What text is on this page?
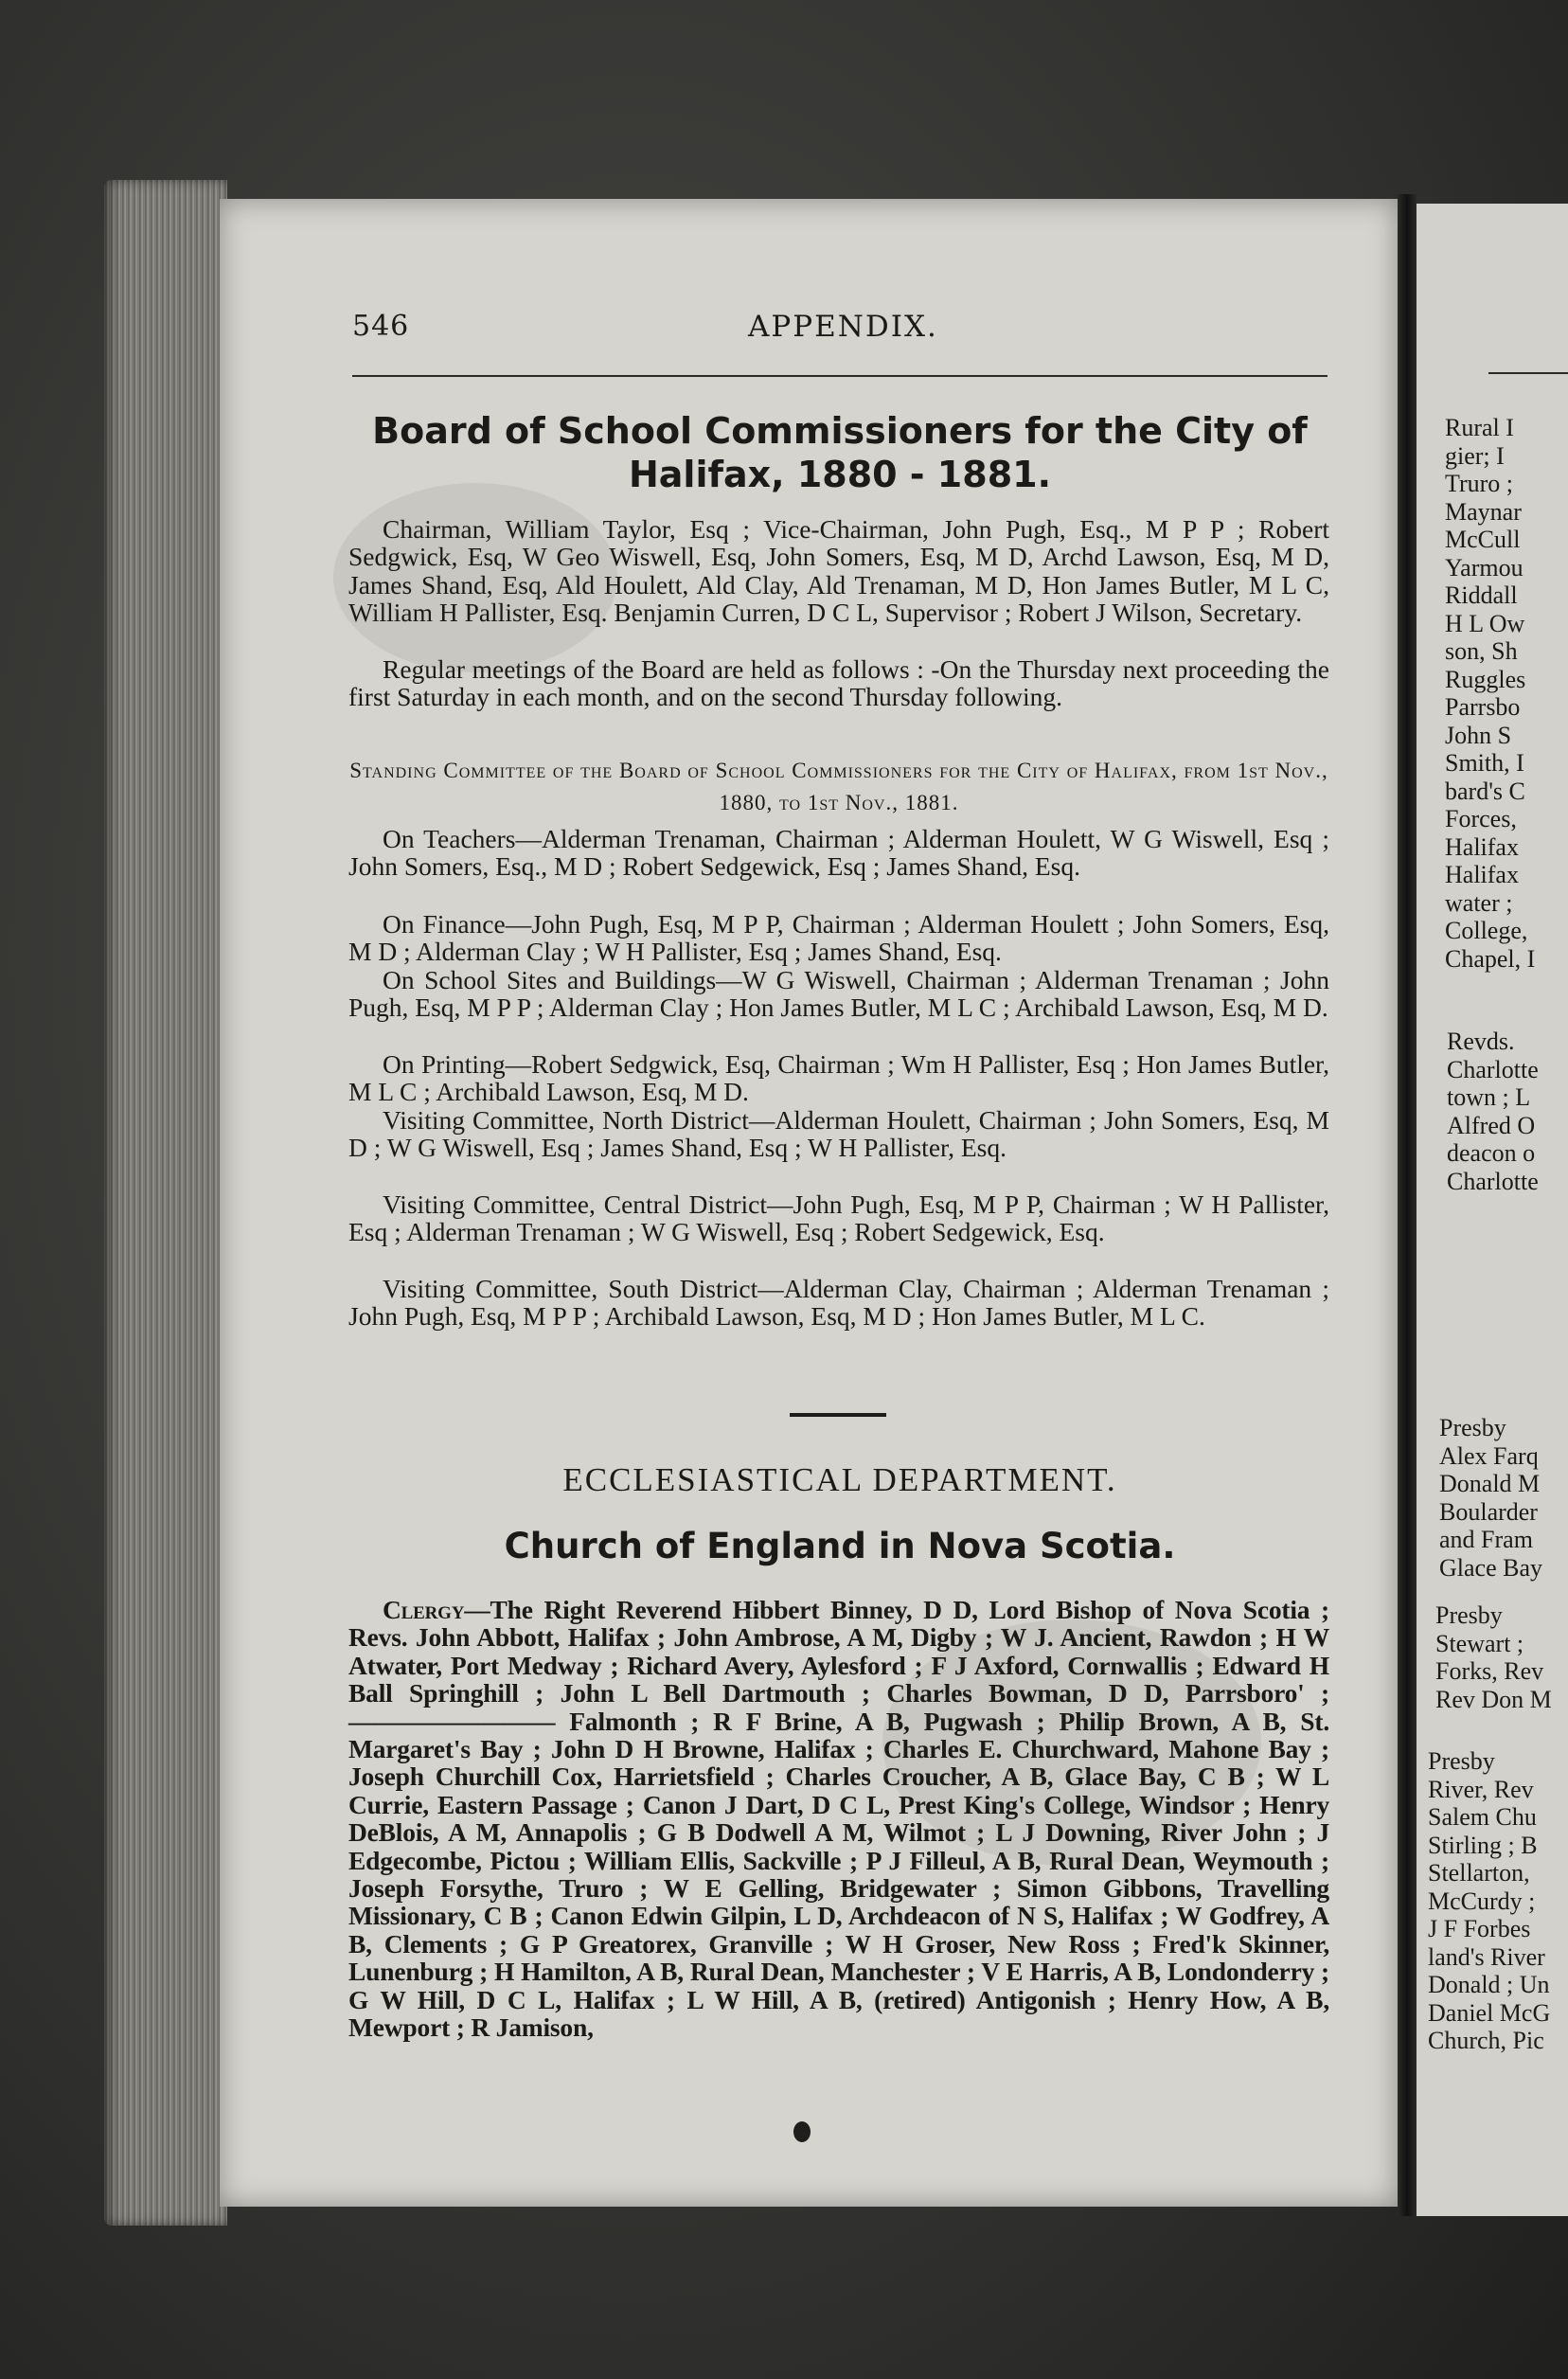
Rural I
gier; I
Truro ;
Maynar
McCull
Yarmou
Riddall
H L Ow
son, Sh
Ruggles
Parrsbo
John S
Smith, I
bard's C
Forces,
Halifax
Halifax
water ;
College,
Chapel, I
Revds.
Charlotte
town ; L
Alfred O
deacon o
Charlotte
Presby
Alex Farq
Donald M
Boularder
and Fram
Glace Bay
Presby
Stewart ;
Forks, Rev
Rev Don M
Presby
River, Rev
Salem Chu
Stirling ; B
Stellarton,
McCurdy ;
J F Forbes
land's River
Donald ; Un
Daniel McG
Church, Pic
546	APPENDIX.
Board of School Commissioners for the City of
Halifax, 1880 - 1881.

Chairman, William Taylor, Esq ; Vice-Chairman, John Pugh, Esq., M P P ; Robert Sedgwick, Esq, W Geo Wiswell, Esq, John Somers, Esq, M D, Archd Lawson, Esq, M D, James Shand, Esq, Ald Houlett, Ald Clay, Ald Trenaman, M D, Hon James Butler, M L C, William H Pallister, Esq. Benjamin Curren, D C L, Supervisor ; Robert J Wilson, Secretary.

Regular meetings of the Board are held as follows : -On the Thursday next proceeding the first Saturday in each month, and on the second Thursday following.

Standing Committee of the Board of School Commissioners for the City of Halifax, from 1st Nov., 1880, to 1st Nov., 1881.

On Teachers—Alderman Trenaman, Chairman ; Alderman Houlett, W G Wiswell, Esq ; John Somers, Esq., M D ; Robert Sedgewick, Esq ; James Shand, Esq.

On Finance—John Pugh, Esq, M P P, Chairman ; Alderman Houlett ; John Somers, Esq, M D ; Alderman Clay ; W H Pallister, Esq ; James Shand, Esq.

On School Sites and Buildings—W G Wiswell, Chairman ; Alderman Trenaman ; John Pugh, Esq, M P P ; Alderman Clay ; Hon James Butler, M L C ; Archibald Lawson, Esq, M D.

On Printing—Robert Sedgwick, Esq, Chairman ; Wm H Pallister, Esq ; Hon James Butler, M L C ; Archibald Lawson, Esq, M D.

Visiting Committee, North District—Alderman Houlett, Chairman ; John Somers, Esq, M D ; W G Wiswell, Esq ; James Shand, Esq ; W H Pallister, Esq.

Visiting Committee, Central District—John Pugh, Esq, M P P, Chairman ; W H Pallister, Esq ; Alderman Trenaman ; W G Wiswell, Esq ; Robert Sedgewick, Esq.

Visiting Committee, South District—Alderman Clay, Chairman ; Alderman Trenaman ; John Pugh, Esq, M P P ; Archibald Lawson, Esq, M D ; Hon James Butler, M L C.

ECCLESIASTICAL DEPARTMENT.
Church of England in Nova Scotia.

Clergy—The Right Reverend Hibbert Binney, D D, Lord Bishop of Nova Scotia ; Revs. John Abbott, Halifax ; John Ambrose, A M, Digby ; W J. Ancient, Rawdon ; H W Atwater, Port Medway ; Richard Avery, Aylesford ; F J Axford, Cornwallis ; Edward H Ball Springhill ; John L Bell Dartmouth ; Charles Bowman, D D, Parrsboro' ; ———————— Falmonth ; R F Brine, A B, Pugwash ; Philip Brown, A B, St. Margaret's Bay ; John D H Browne, Halifax ; Charles E. Churchward, Mahone Bay ; Joseph Churchill Cox, Harrietsfield ; Charles Croucher, A B, Glace Bay, C B ; W L Currie, Eastern Passage ; Canon J Dart, D C L, Prest King's College, Windsor ; Henry DeBlois, A M, Annapolis ; G B Dodwell A M, Wilmot ; L J Downing, River John ; J Edgecombe, Pictou ; William Ellis, Sackville ; P J Filleul, A B, Rural Dean, Weymouth ; Joseph Forsythe, Truro ; W E Gelling, Bridgewater ; Simon Gibbons, Travelling Missionary, C B ; Canon Edwin Gilpin, L D, Archdeacon of N S, Halifax ; W Godfrey, A B, Clements ; G P Greatorex, Granville ; W H Groser, New Ross ; Fred'k Skinner, Lunenburg ; H Hamilton, A B, Rural Dean, Manchester ; V E Harris, A B, Londonderry ; G W Hill, D C L, Halifax ; L W Hill, A B, (retired) Antigonish ; Henry How, A B, Mewport ; R Jamison,
